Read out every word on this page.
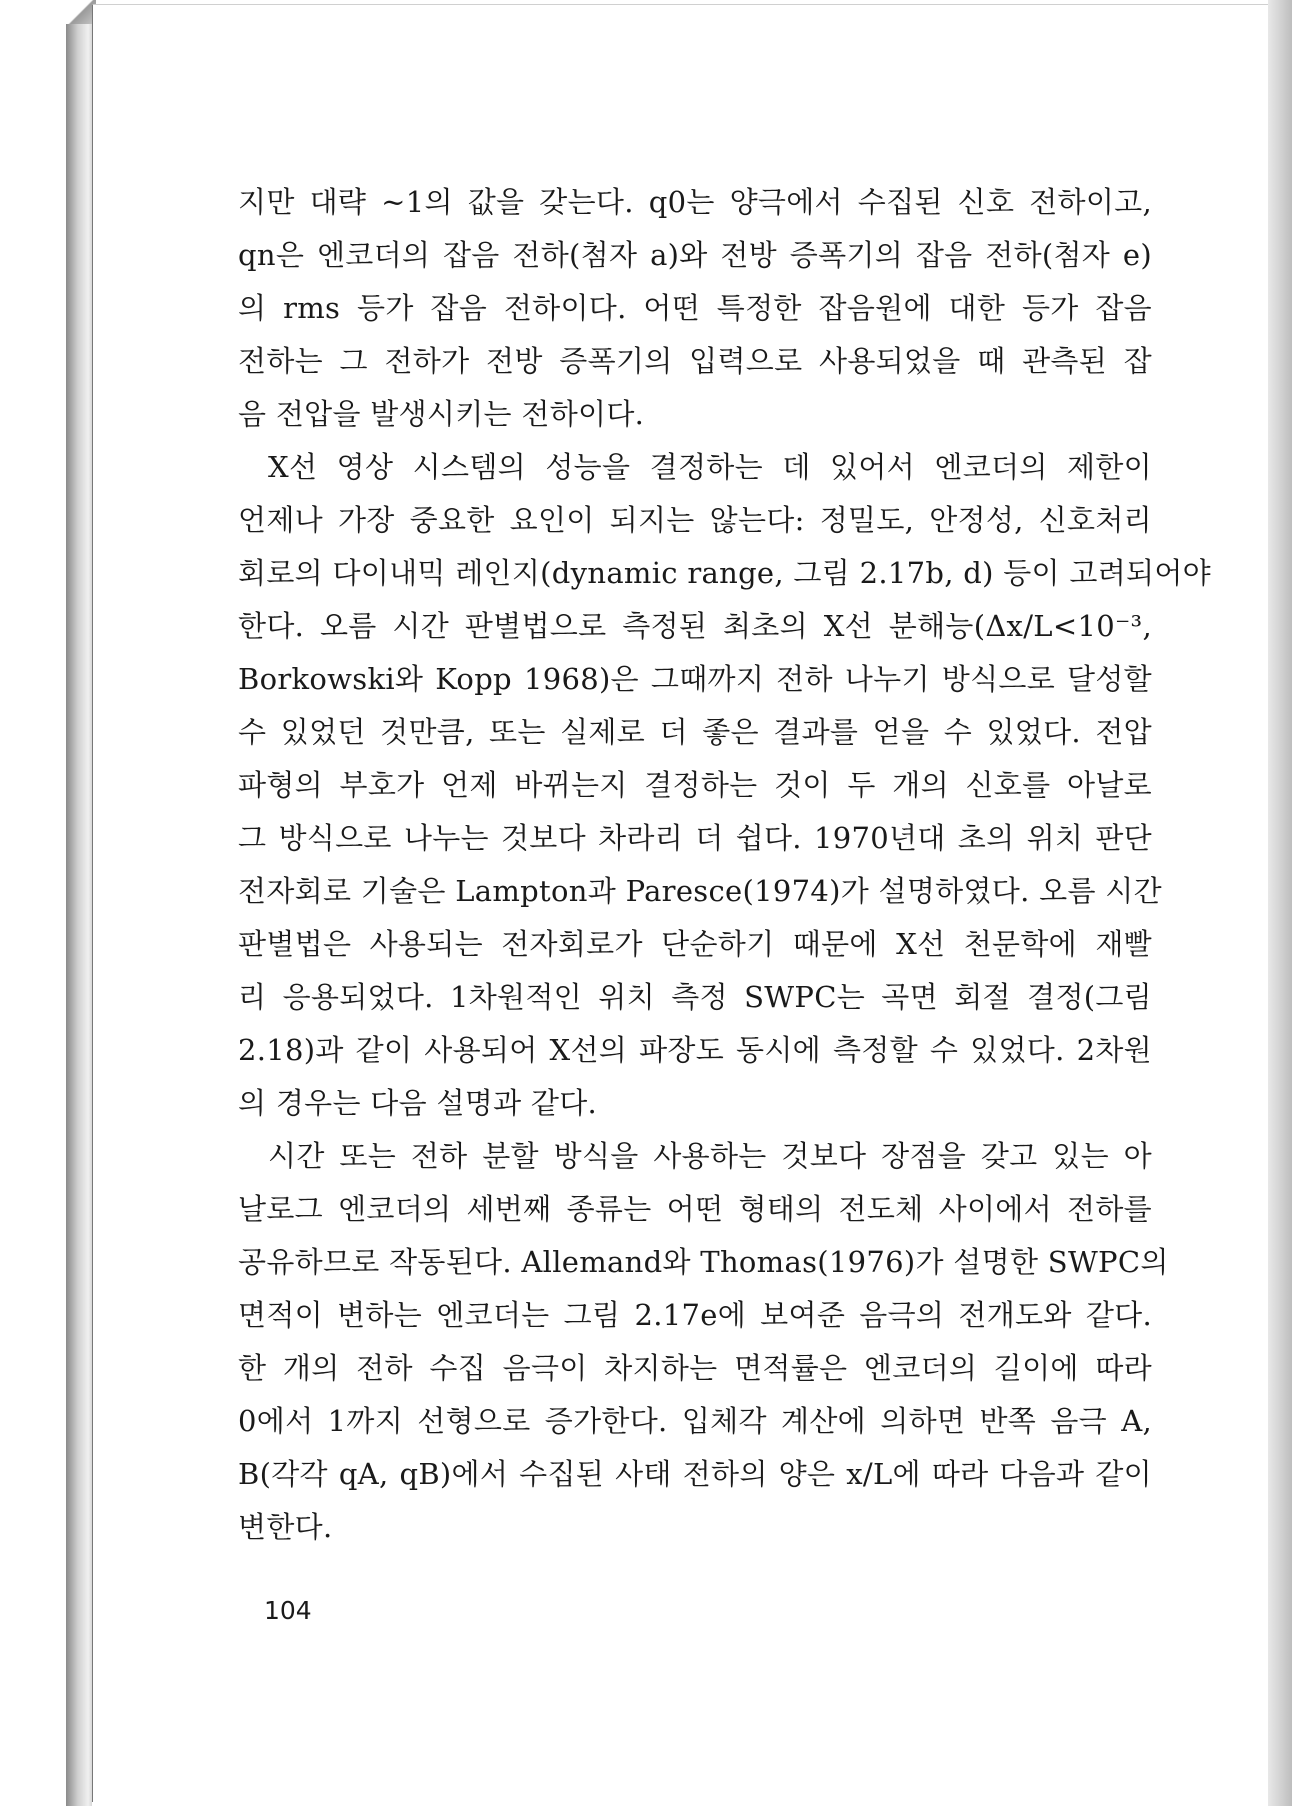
지만 대략 ~1의 값을 갖는다. q0는 양극에서 수집된 신호 전하이고,
qn은 엔코더의 잡음 전하(첨자 a)와 전방 증폭기의 잡음 전하(첨자 e)
의 rms 등가 잡음 전하이다. 어떤 특정한 잡음원에 대한 등가 잡음
전하는 그 전하가 전방 증폭기의 입력으로 사용되었을 때 관측된 잡
음 전압을 발생시키는 전하이다.
X선 영상 시스템의 성능을 결정하는 데 있어서 엔코더의 제한이
언제나 가장 중요한 요인이 되지는 않는다: 정밀도, 안정성, 신호처리
회로의 다이내믹 레인지(dynamic range, 그림 2.17b, d) 등이 고려되어야
한다. 오름 시간 판별법으로 측정된 최초의 X선 분해능(Δx/L<10⁻³,
Borkowski와 Kopp 1968)은 그때까지 전하 나누기 방식으로 달성할
수 있었던 것만큼, 또는 실제로 더 좋은 결과를 얻을 수 있었다. 전압
파형의 부호가 언제 바뀌는지 결정하는 것이 두 개의 신호를 아날로
그 방식으로 나누는 것보다 차라리 더 쉽다. 1970년대 초의 위치 판단
전자회로 기술은 Lampton과 Paresce(1974)가 설명하였다. 오름 시간
판별법은 사용되는 전자회로가 단순하기 때문에 X선 천문학에 재빨
리 응용되었다. 1차원적인 위치 측정 SWPC는 곡면 회절 결정(그림
2.18)과 같이 사용되어 X선의 파장도 동시에 측정할 수 있었다. 2차원
의 경우는 다음 설명과 같다.
시간 또는 전하 분할 방식을 사용하는 것보다 장점을 갖고 있는 아
날로그 엔코더의 세번째 종류는 어떤 형태의 전도체 사이에서 전하를
공유하므로 작동된다. Allemand와 Thomas(1976)가 설명한 SWPC의
면적이 변하는 엔코더는 그림 2.17e에 보여준 음극의 전개도와 같다.
한 개의 전하 수집 음극이 차지하는 면적률은 엔코더의 길이에 따라
0에서 1까지 선형으로 증가한다. 입체각 계산에 의하면 반쪽 음극 A,
B(각각 qA, qB)에서 수집된 사태 전하의 양은 x/L에 따라 다음과 같이
변한다.
104
